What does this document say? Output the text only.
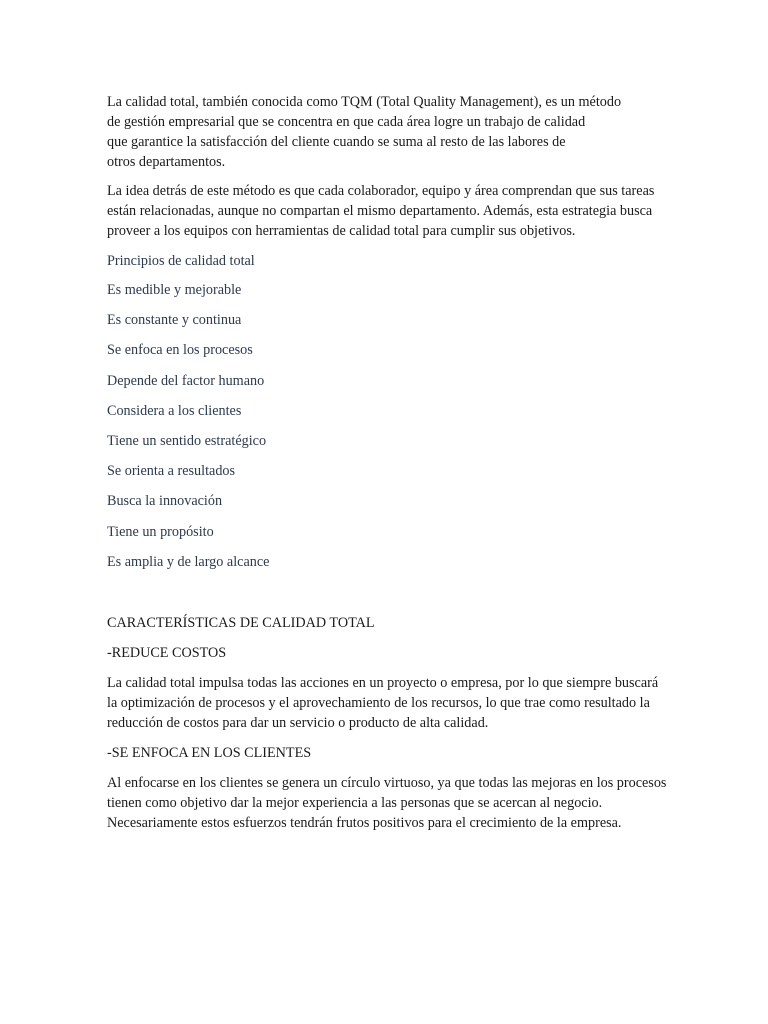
La calidad total, también conocida como TQM (Total Quality Management), es un método
de gestión empresarial que se concentra en que cada área logre un trabajo de calidad
que garantice la satisfacción del cliente cuando se suma al resto de las labores de
otros departamentos.

La idea detrás de este método es que cada colaborador, equipo y área comprendan que sus tareas están relacionadas, aunque no compartan el mismo departamento. Además, esta estrategia busca proveer a los equipos con herramientas de calidad total para cumplir sus objetivos.

Principios de calidad total
Es medible y mejorable
Es constante y continua
Se enfoca en los procesos
Depende del factor humano
Considera a los clientes
Tiene un sentido estratégico
Se orienta a resultados
Busca la innovación
Tiene un propósito
Es amplia y de largo alcance

CARACTERÍSTICAS DE CALIDAD TOTAL

-REDUCE COSTOS

La calidad total impulsa todas las acciones en un proyecto o empresa, por lo que siempre buscará la optimización de procesos y el aprovechamiento de los recursos, lo que trae como resultado la reducción de costos para dar un servicio o producto de alta calidad.

-SE ENFOCA EN LOS CLIENTES

Al enfocarse en los clientes se genera un círculo virtuoso, ya que todas las mejoras en los procesos tienen como objetivo dar la mejor experiencia a las personas que se acercan al negocio. Necesariamente estos esfuerzos tendrán frutos positivos para el crecimiento de la empresa.
